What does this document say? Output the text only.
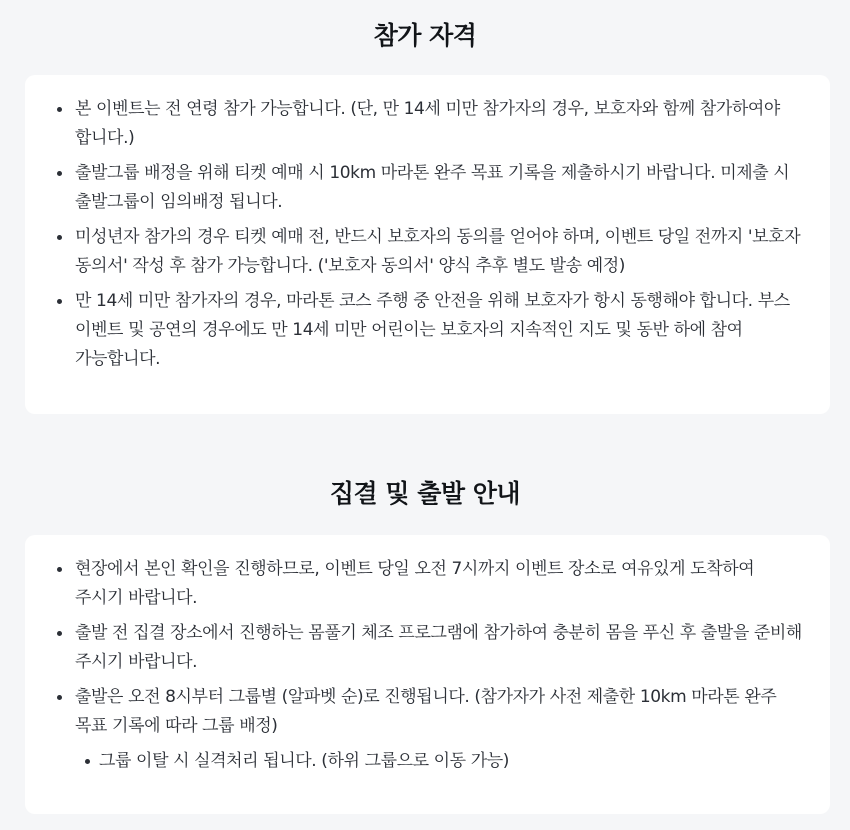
참가 자격
본 이벤트는 전 연령 참가 가능합니다. (단, 만 14세 미만 참가자의 경우, 보호자와 함께 참가하여야 합니다.)
출발그룹 배정을 위해 티켓 예매 시 10km 마라톤 완주 목표 기록을 제출하시기 바랍니다. 미제출 시 출발그룹이 임의배정 됩니다.
미성년자 참가의 경우 티켓 예매 전, 반드시 보호자의 동의를 얻어야 하며, 이벤트 당일 전까지 '보호자 동의서' 작성 후 참가 가능합니다. ('보호자 동의서' 양식 추후 별도 발송 예정)
만 14세 미만 참가자의 경우, 마라톤 코스 주행 중 안전을 위해 보호자가 항시 동행해야 합니다. 부스 이벤트 및 공연의 경우에도 만 14세 미만 어린이는 보호자의 지속적인 지도 및 동반 하에 참여 가능합니다.
집결 및 출발 안내
현장에서 본인 확인을 진행하므로, 이벤트 당일 오전 7시까지 이벤트 장소로 여유있게 도착하여 주시기 바랍니다.
출발 전 집결 장소에서 진행하는 몸풀기 체조 프로그램에 참가하여 충분히 몸을 푸신 후 출발을 준비해 주시기 바랍니다.
출발은 오전 8시부터 그룹별 (알파벳 순)로 진행됩니다. (참가자가 사전 제출한 10km 마라톤 완주 목표 기록에 따라 그룹 배정)
그룹 이탈 시 실격처리 됩니다. (하위 그룹으로 이동 가능)
